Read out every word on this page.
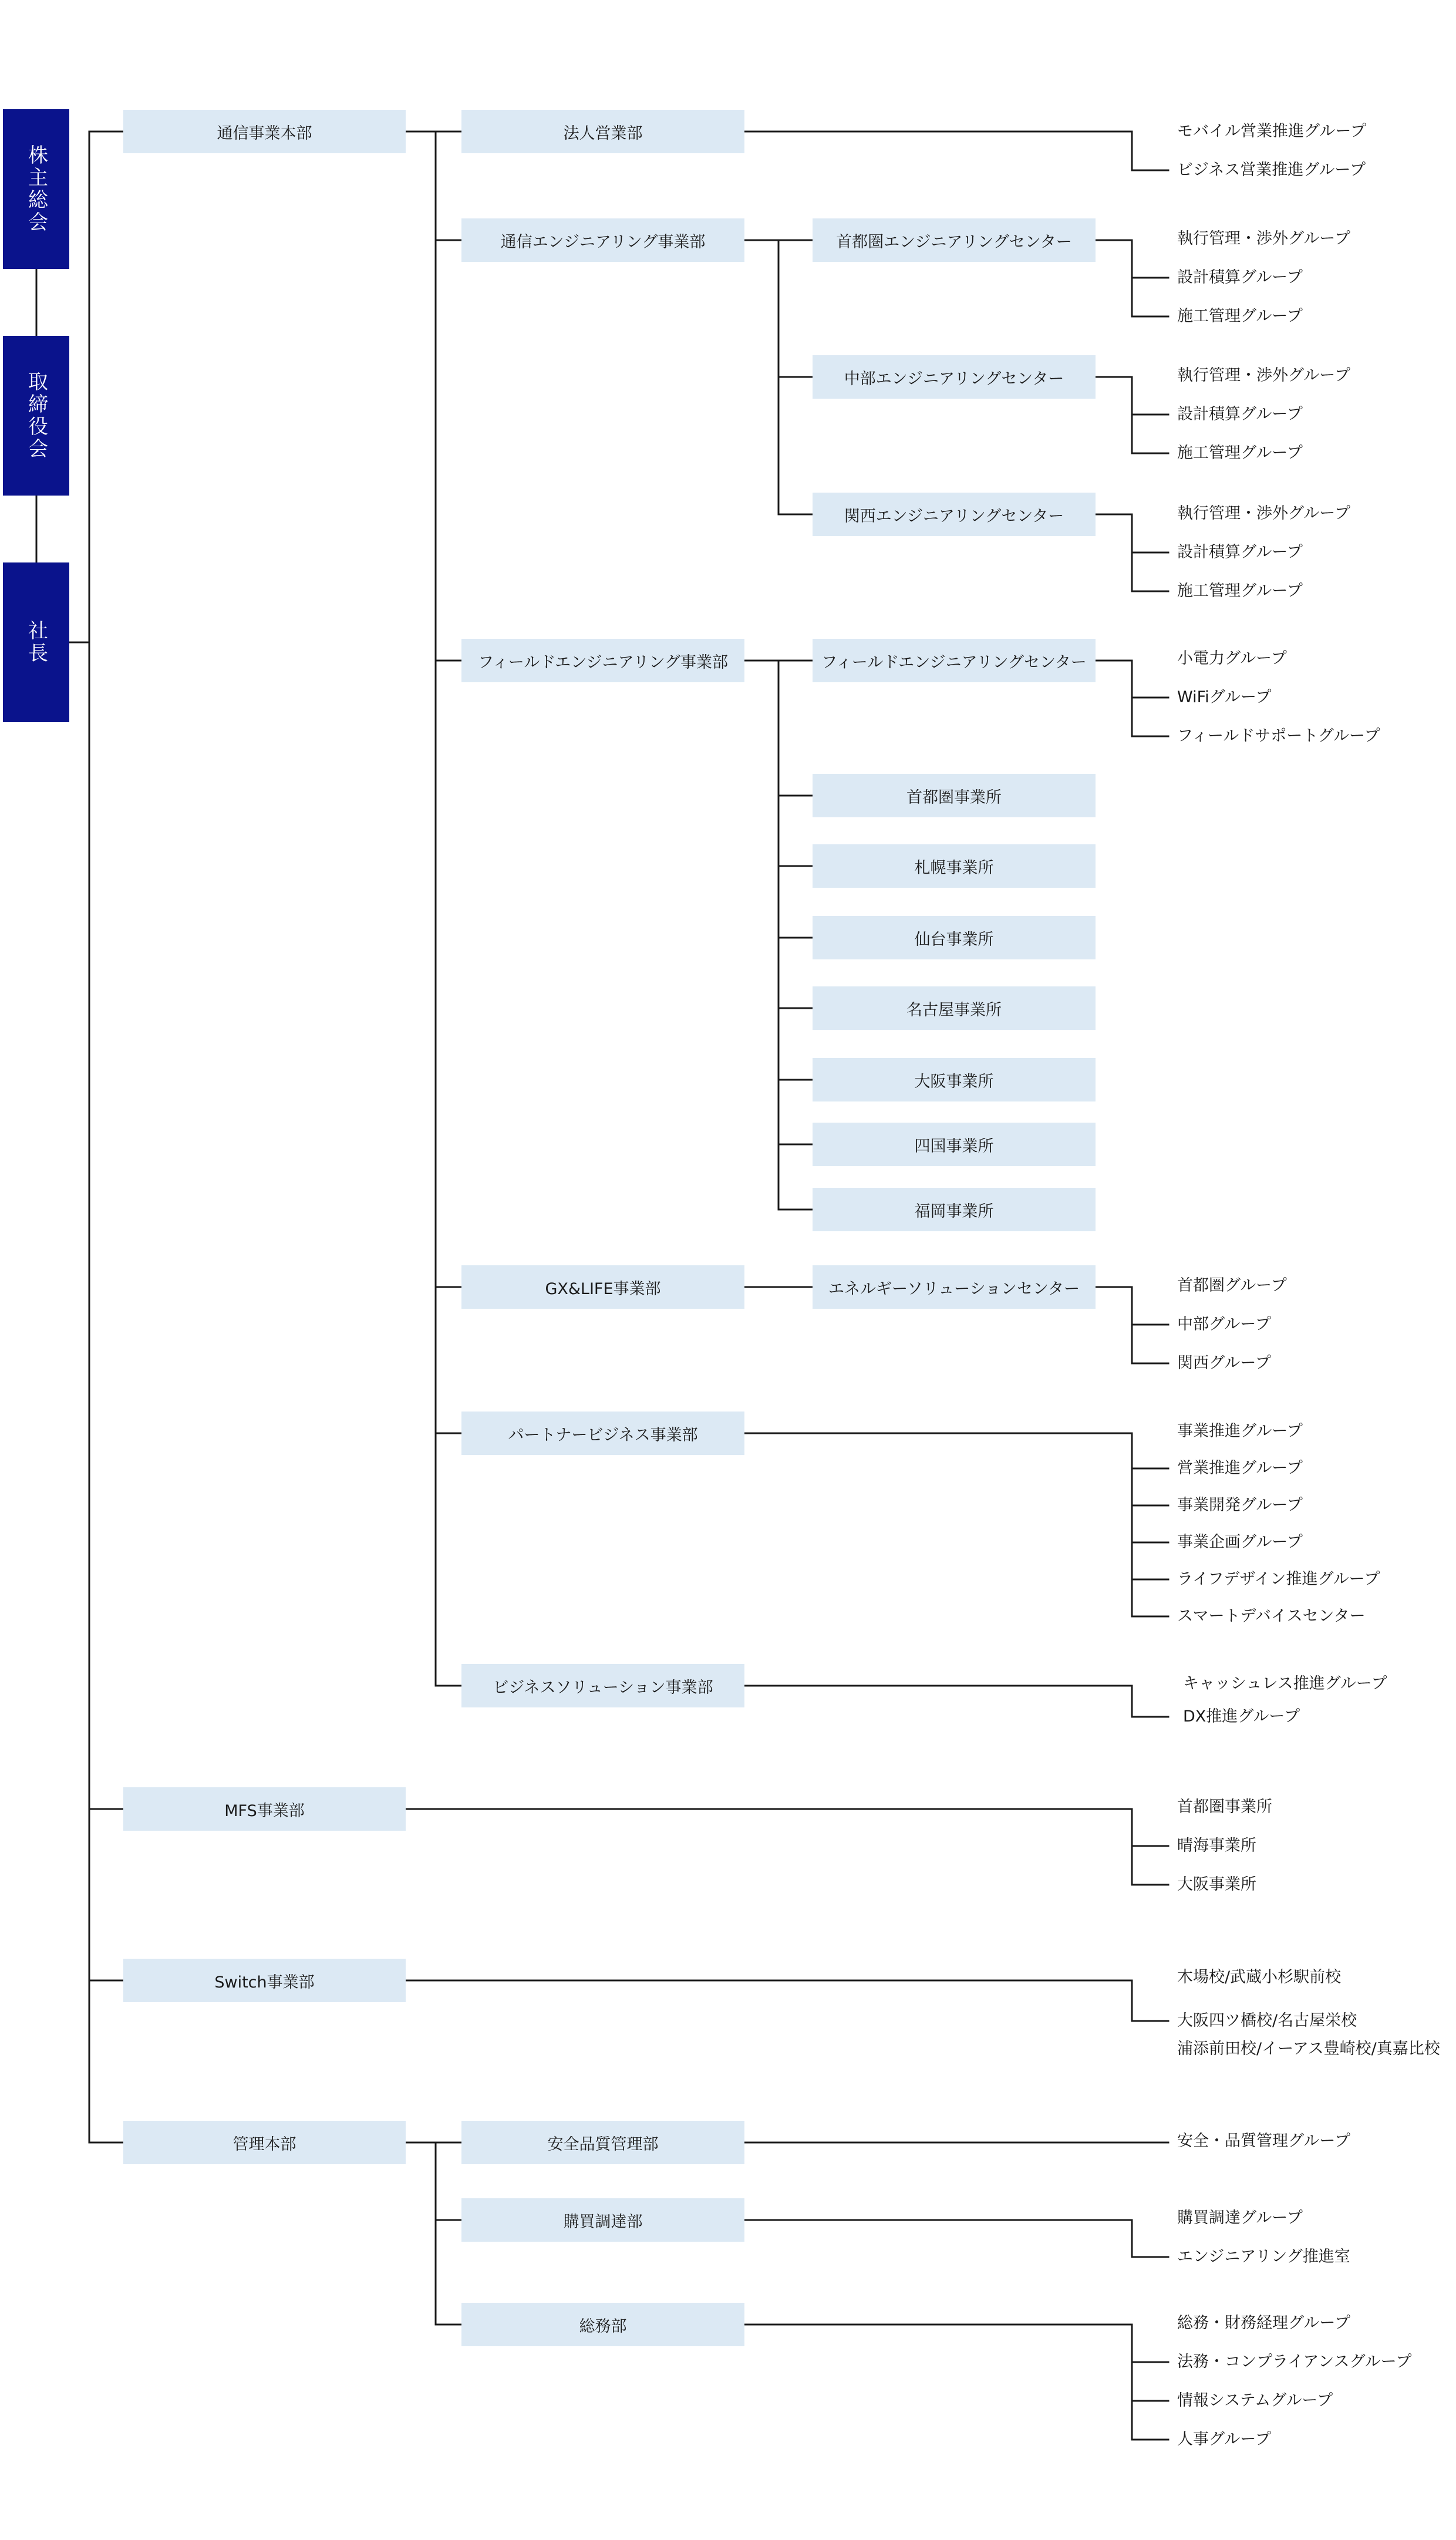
株主総会
取締役会
社長
通信事業本部
MFS事業部
Switch事業部
管理本部
法人営業部
通信エンジニアリング事業部
フィールドエンジニアリング事業部
GX&LIFE事業部
パートナービジネス事業部
ビジネスソリューション事業部
安全品質管理部
購買調達部
総務部
首都圏エンジニアリングセンター
中部エンジニアリングセンター
関西エンジニアリングセンター
フィールドエンジニアリングセンター
エネルギーソリューションセンター
首都圏事業所
札幌事業所
仙台事業所
名古屋事業所
大阪事業所
四国事業所
福岡事業所
モバイル営業推進グループ
ビジネス営業推進グループ
執行管理・渉外グループ
設計積算グループ
施工管理グループ
執行管理・渉外グループ
設計積算グループ
施工管理グループ
執行管理・渉外グループ
設計積算グループ
施工管理グループ
小電力グループ
WiFiグループ
フィールドサポートグループ
首都圏グループ
中部グループ
関西グループ
事業推進グループ
営業推進グループ
事業開発グループ
事業企画グループ
ライフデザイン推進グループ
スマートデバイスセンター
キャッシュレス推進グループ
DX推進グループ
首都圏事業所
晴海事業所
大阪事業所
木場校/武蔵小杉駅前校
大阪四ツ橋校/名古屋栄校
浦添前田校/イーアス豊崎校/真嘉比校
安全・品質管理グループ
購買調達グループ
エンジニアリング推進室
総務・財務経理グループ
法務・コンプライアンスグループ
情報システムグループ
人事グループ
